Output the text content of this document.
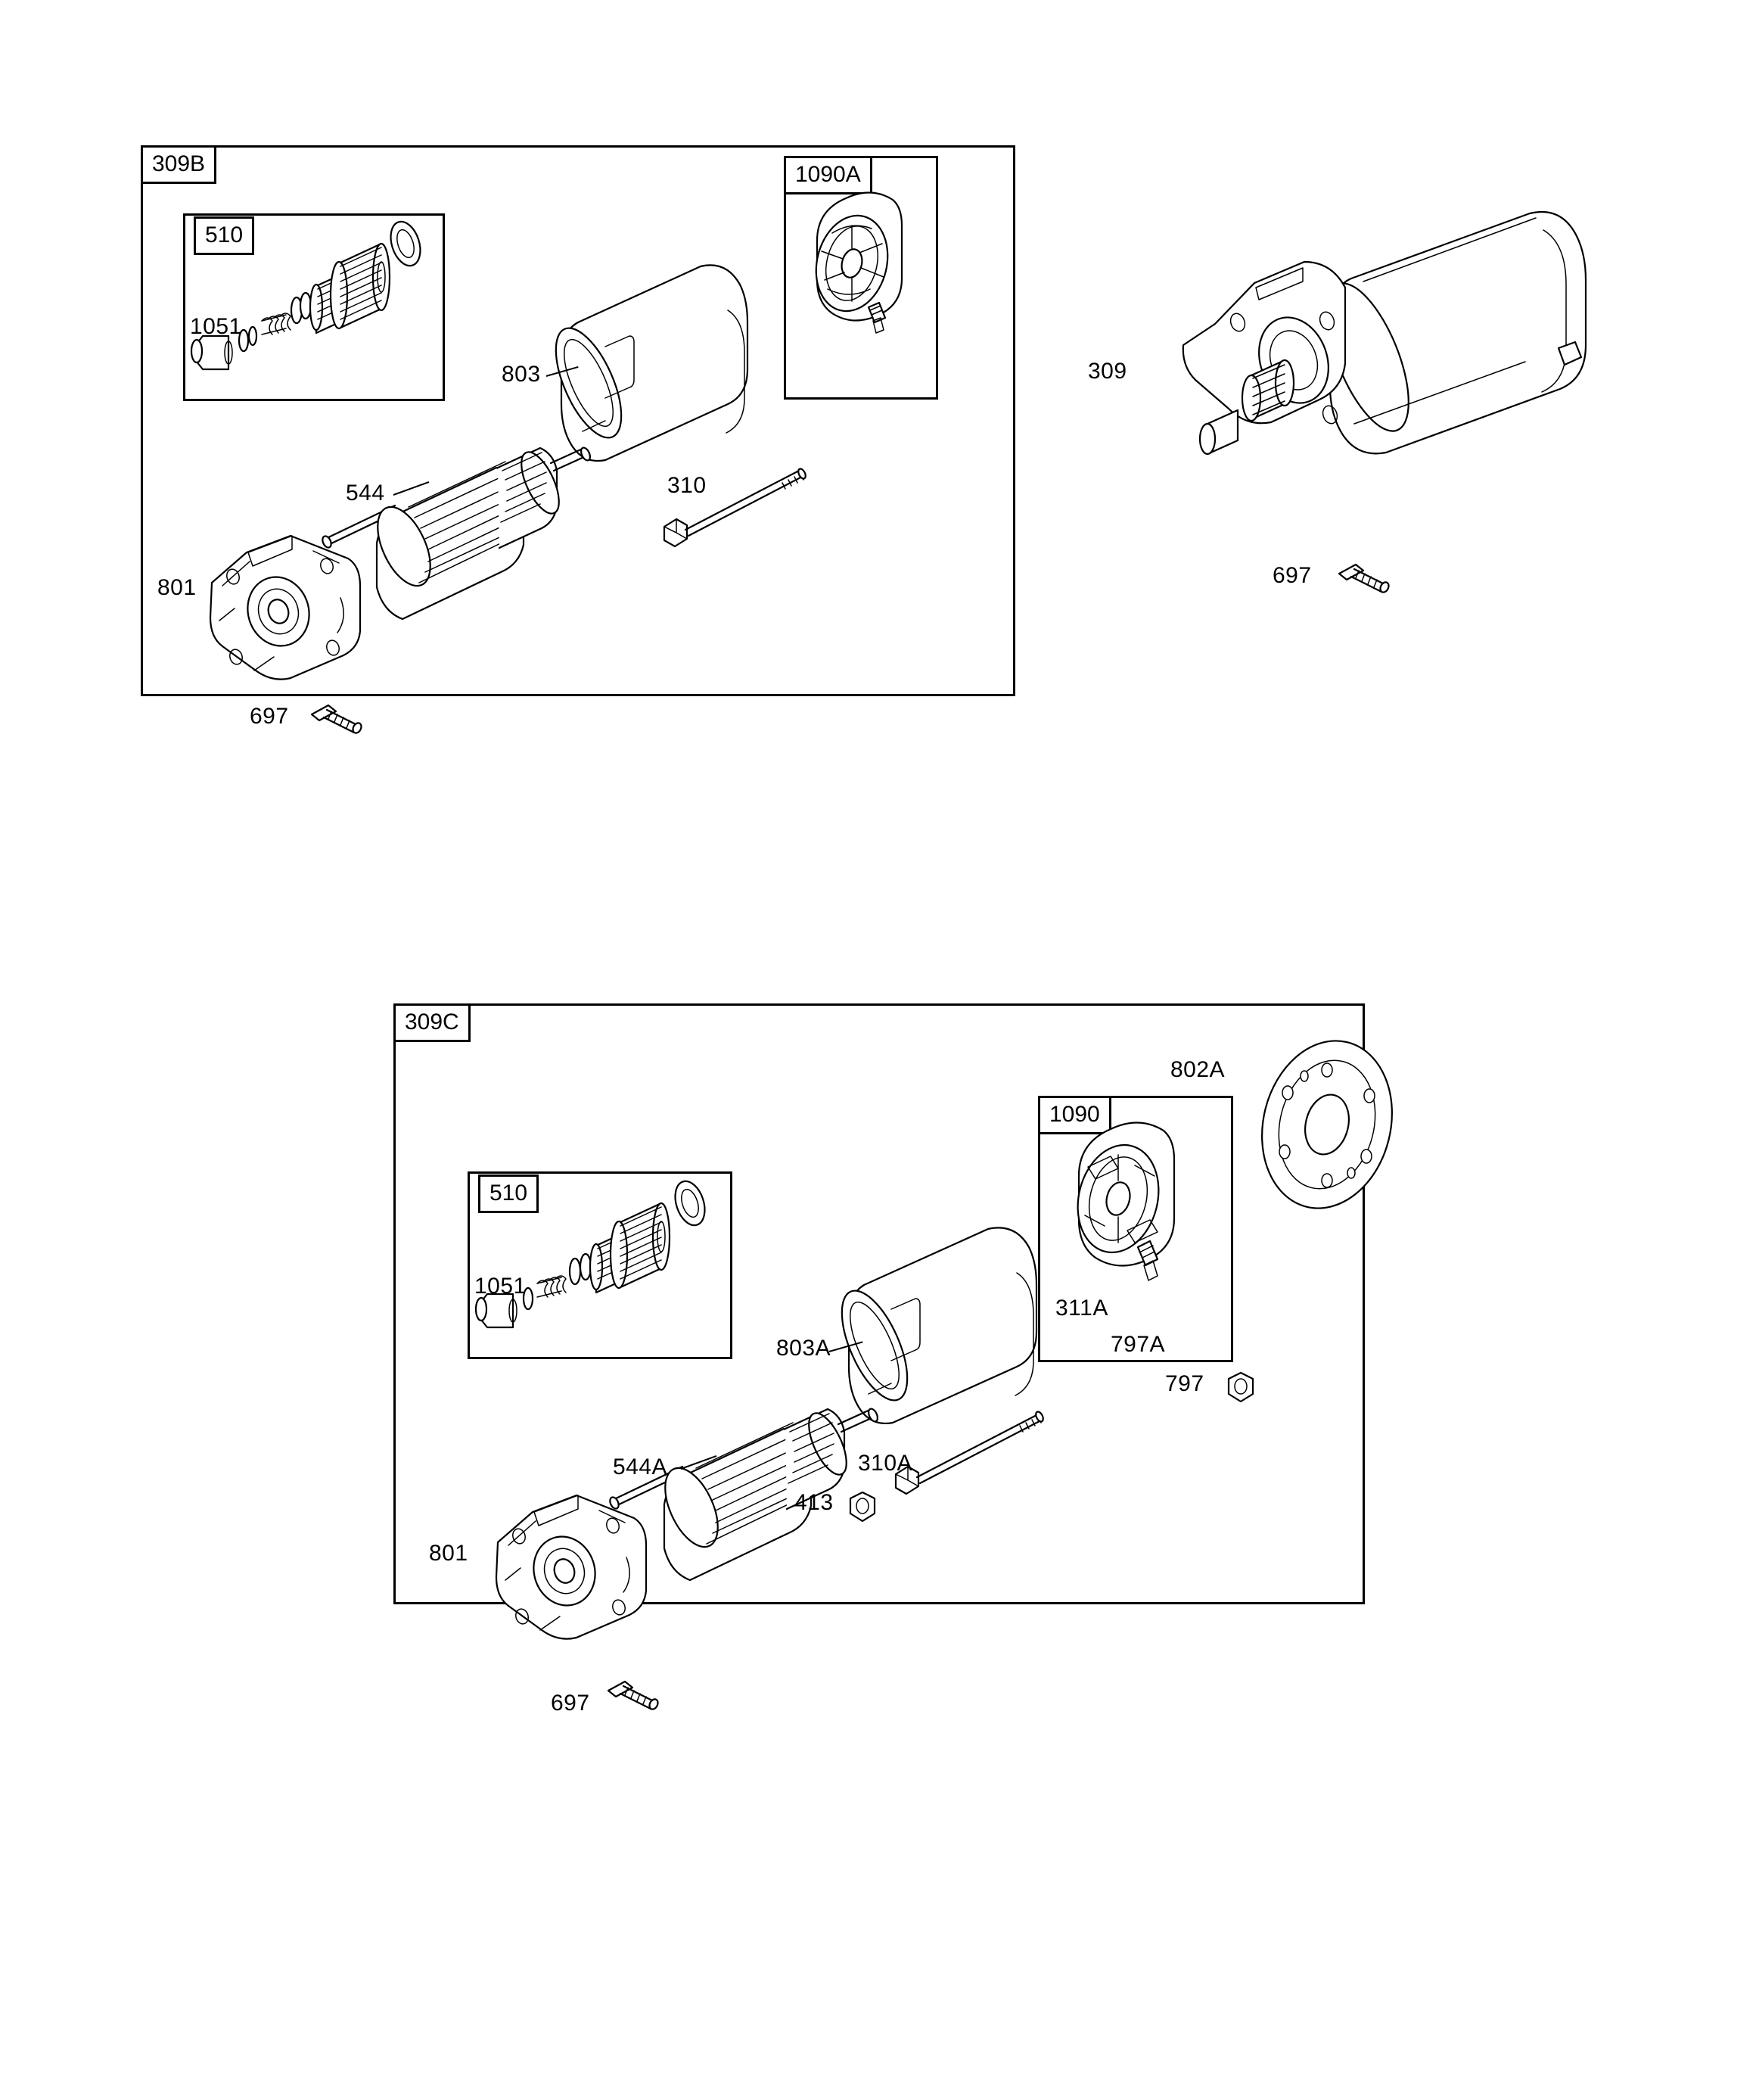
309B
510
1090A
1051
803
544	310
801
697
309
697
309C
510
1090
1051
802A
311A
797A
797
803A
544A	310A
413
801
697
